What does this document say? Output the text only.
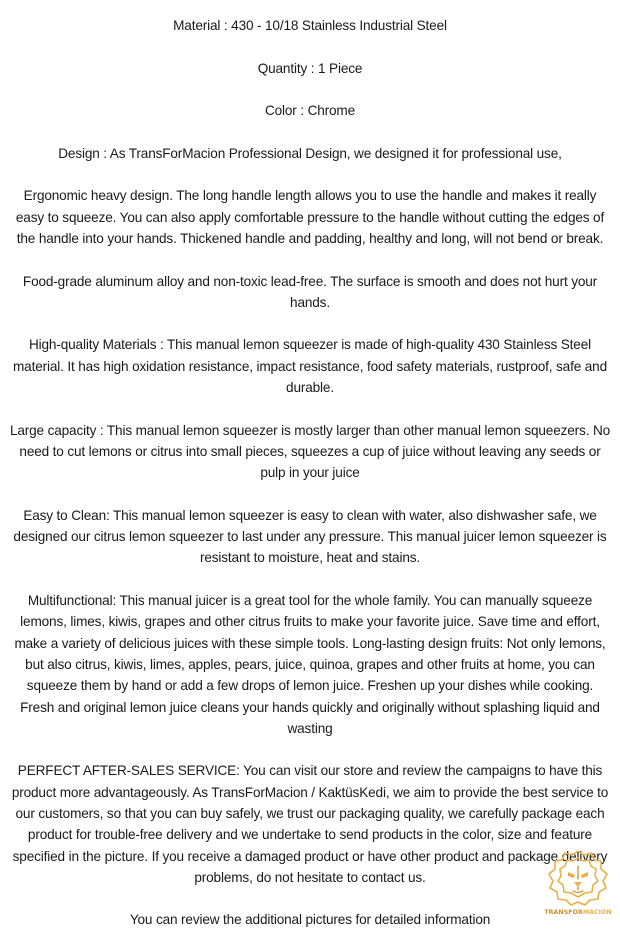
Material : 430 - 10/18 Stainless Industrial Steel

Quantity : 1 Piece

Color : Chrome

Design : As TransForMacion Professional Design, we designed it for professional use,

Ergonomic heavy design. The long handle length allows you to use the handle and makes it really easy to squeeze. You can also apply comfortable pressure to the handle without cutting the edges of the handle into your hands. Thickened handle and padding, healthy and long, will not bend or break.

Food-grade aluminum alloy and non-toxic lead-free. The surface is smooth and does not hurt your hands.

High-quality Materials : This manual lemon squeezer is made of high-quality 430 Stainless Steel material. It has high oxidation resistance, impact resistance, food safety materials, rustproof, safe and durable.

Large capacity : This manual lemon squeezer is mostly larger than other manual lemon squeezers. No need to cut lemons or citrus into small pieces, squeezes a cup of juice without leaving any seeds or pulp in your juice

Easy to Clean: This manual lemon squeezer is easy to clean with water, also dishwasher safe, we designed our citrus lemon squeezer to last under any pressure. This manual juicer lemon squeezer is resistant to moisture, heat and stains.

Multifunctional: This manual juicer is a great tool for the whole family. You can manually squeeze lemons, limes, kiwis, grapes and other citrus fruits to make your favorite juice. Save time and effort, make a variety of delicious juices with these simple tools. Long-lasting design fruits: Not only lemons, but also citrus, kiwis, limes, apples, pears, juice, quinoa, grapes and other fruits at home, you can squeeze them by hand or add a few drops of lemon juice. Freshen up your dishes while cooking. Fresh and original lemon juice cleans your hands quickly and originally without splashing liquid and wasting

PERFECT AFTER-SALES SERVICE: You can visit our store and review the campaigns to have this product more advantageously. As TransForMacion / KaktüsKedi, we aim to provide the best service to our customers, so that you can buy safely, we trust our packaging quality, we carefully package each product for trouble-free delivery and we undertake to send products in the color, size and feature specified in the picture. If you receive a damaged product or have other product and package delivery problems, do not hesitate to contact us.

You can review the additional pictures for detailed information	TRANSFORMACION
